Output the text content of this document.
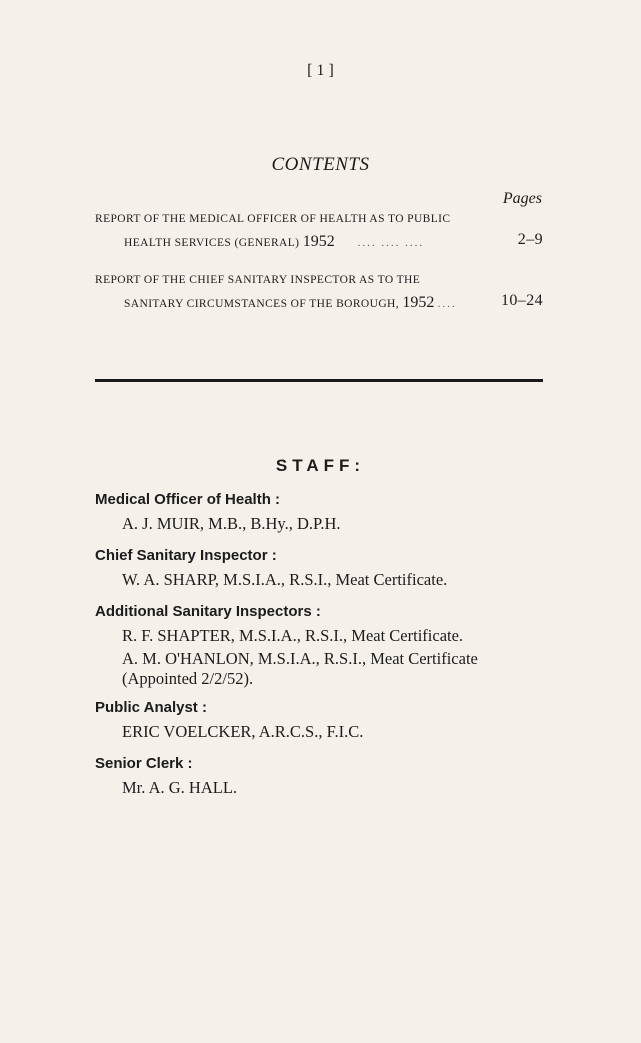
[ 1 ]
CONTENTS
Pages
REPORT OF THE MEDICAL OFFICER OF HEALTH AS TO PUBLIC
HEALTH SERVICES (GENERAL) 1952 .... .... ....	2–9
REPORT OF THE CHIEF SANITARY INSPECTOR AS TO THE
SANITARY CIRCUMSTANCES OF THE BOROUGH, 1952 ....	10–24
STAFF:
Medical Officer of Health :
A. J. MUIR, M.B., B.Hy., D.P.H.
Chief Sanitary Inspector :
W. A. SHARP, M.S.I.A., R.S.I., Meat Certificate.
Additional Sanitary Inspectors :
R. F. SHAPTER, M.S.I.A., R.S.I., Meat Certificate.
A. M. O'HANLON, M.S.I.A., R.S.I., Meat Certificate
(Appointed 2/2/52).
Public Analyst :
ERIC VOELCKER, A.R.C.S., F.I.C.
Senior Clerk :
Mr. A. G. HALL.
